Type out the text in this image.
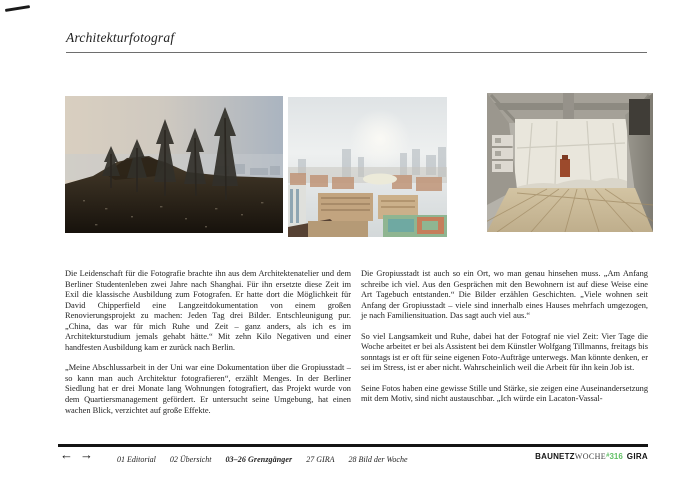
Architekturfotograf

Die Leidenschaft für die Fotografie brachte ihn aus dem Architektenatelier und dem Berliner Studentenleben zwei Jahre nach Shanghai. Für ihn ersetzte diese Zeit im Exil die klassische Ausbildung zum Fotografen. Er hatte dort die Möglichkeit für David Chipperfield eine Langzeitdokumentation von einem großen Renovierungsprojekt zu machen: Jeden Tag drei Bilder. Entschleunigung pur. „China, das war für mich Ruhe und Zeit – ganz anders, als ich es im Architekturstudium jemals gehabt hätte.“ Mit zehn Kilo Negativen und einer handfesten Ausbildung kam er zurück nach Berlin.

„Meine Abschlussarbeit in der Uni war eine Dokumentation über die Gropiusstadt – so kann man auch Architektur fotografieren“, erzählt Menges. In der Berliner Siedlung hat er drei Monate lang Wohnungen fotografiert, das Projekt wurde von dem Quartiersmanagement gefördert. Er untersucht seine Umgebung, hat einen wachen Blick, verzichtet auf große Effekte.

Die Gropiusstadt ist auch so ein Ort, wo man genau hinsehen muss. „Am Anfang schreibe ich viel. Aus den Gesprächen mit den Bewohnern ist auf diese Weise eine Art Tagebuch entstanden.“ Die Bilder erzählen Geschichten. „Viele wohnen seit Anfang der Gropiusstadt – viele sind innerhalb eines Hauses mehrfach umgezogen, je nach Familiensituation. Das sagt auch viel aus.“

So viel Langsamkeit und Ruhe, dabei hat der Fotograf nie viel Zeit: Vier Tage die Woche arbeitet er bei als Assistent bei dem Künstler Wolfgang Tillmanns, freitags bis sonntags ist er oft für seine eigenen Foto-Aufträge unterwegs. Man könnte denken, er sei im Stress, ist er aber nicht. Wahrscheinlich weil die Arbeit für ihn kein Job ist.

Seine Fotos haben eine gewisse Stille und Stärke, sie zeigen eine Auseinandersetzung mit dem Motiv, sind nicht austauschbar. „Ich würde ein Lacaton-Vassal-

← →	01 Editorial 02 Übersicht 03–26 Grenzgänger 27 GIRA 28 Bild der Woche	BAUNETZWOCHE#316 GIRA
